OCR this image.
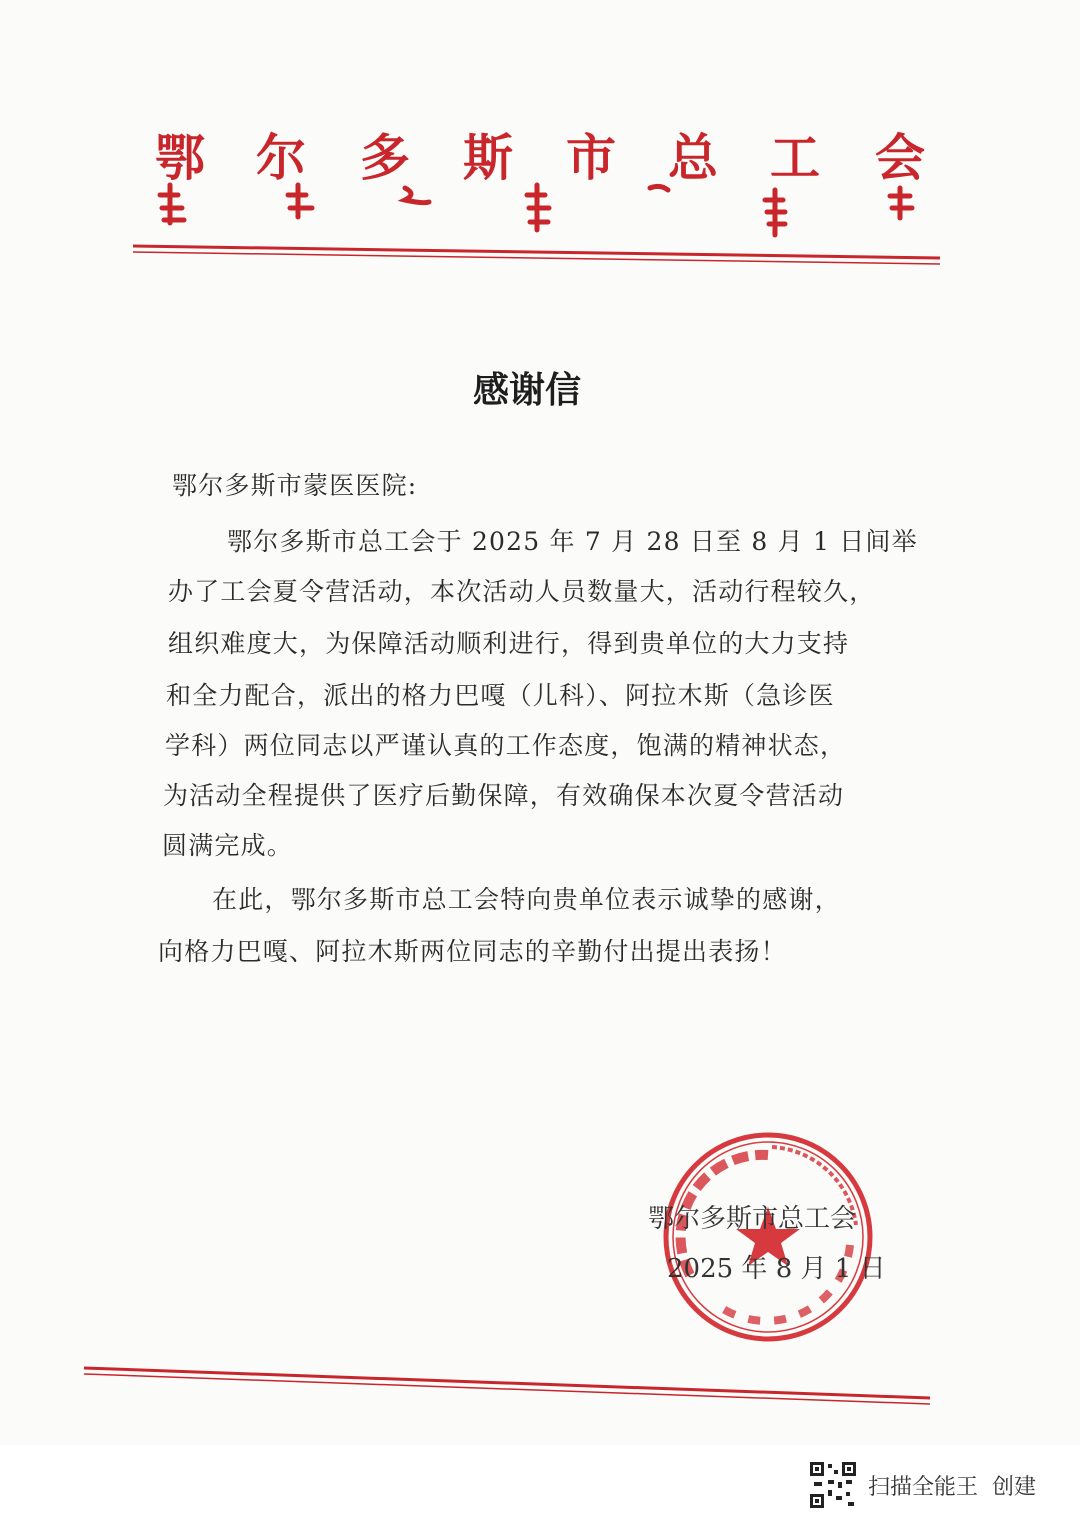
鄂 尔 多 斯 市 总 工 会
感谢信
鄂尔多斯市蒙医医院:
鄂尔多斯市总工会于 2025 年 7 月 28 日至 8 月 1 日间举
办了工会夏令营活动，本次活动人员数量大，活动行程较久，
组织难度大，为保障活动顺利进行，得到贵单位的大力支持
和全力配合，派出的格力巴嘎（儿科）、阿拉木斯（急诊医
学科）两位同志以严谨认真的工作态度，饱满的精神状态，
为活动全程提供了医疗后勤保障，有效确保本次夏令营活动
圆满完成。
在此，鄂尔多斯市总工会特向贵单位表示诚挚的感谢，
向格力巴嘎、阿拉木斯两位同志的辛勤付出提出表扬！
鄂尔多斯市总工会
2025 年 8 月 1 日
扫描全能王  创建
